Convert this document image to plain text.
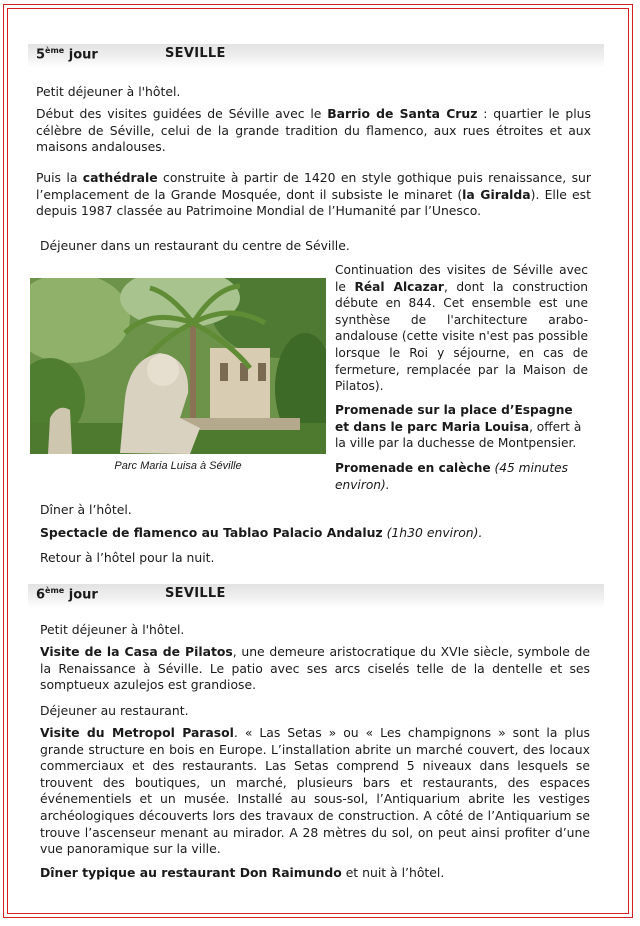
5ème jour	SEVILLE
Petit déjeuner à l'hôtel.
Début des visites guidées de Séville avec le Barrio de Santa Cruz : quartier le plus célèbre de Séville, celui de la grande tradition du flamenco, aux rues étroites et aux maisons andalouses.
Puis la cathédrale construite à partir de 1420 en style gothique puis renaissance, sur l’emplacement de la Grande Mosquée, dont il subsiste le minaret (la Giralda). Elle est depuis 1987 classée au Patrimoine Mondial de l’Humanité par l’Unesco.
Déjeuner dans un restaurant du centre de Séville.
Parc Maria Luisa à Séville
Continuation des visites de Séville avec le Réal Alcazar, dont la construction débute en 844. Cet ensemble est une synthèse de l'architecture arabo-andalouse (cette visite n'est pas possible lorsque le Roi y séjourne, en cas de fermeture, remplacée par la Maison de Pilatos).
Promenade sur la place d’Espagne et dans le parc Maria Louisa, offert à la ville par la duchesse de Montpensier.
Promenade en calèche (45 minutes environ).
Dîner à l’hôtel.
Spectacle de flamenco au Tablao Palacio Andaluz (1h30 environ).
Retour à l’hôtel pour la nuit.
6ème jour	SEVILLE
Petit déjeuner à l'hôtel.
Visite de la Casa de Pilatos, une demeure aristocratique du XVIe siècle, symbole de la Renaissance à Séville. Le patio avec ses arcs ciselés telle de la dentelle et ses somptueux azulejos est grandiose.
Déjeuner au restaurant.
Visite du Metropol Parasol. « Las Setas » ou « Les champignons » sont la plus grande structure en bois en Europe. L’installation abrite un marché couvert, des locaux commerciaux et des restaurants. Las Setas comprend 5 niveaux dans lesquels se trouvent des boutiques, un marché, plusieurs bars et restaurants, des espaces événementiels et un musée. Installé au sous-sol, l’Antiquarium abrite les vestiges archéologiques découverts lors des travaux de construction. A côté de l’Antiquarium se trouve l’ascenseur menant au mirador. A 28 mètres du sol, on peut ainsi profiter d’une vue panoramique sur la ville.
Dîner typique au restaurant Don Raimundo et nuit à l’hôtel.
